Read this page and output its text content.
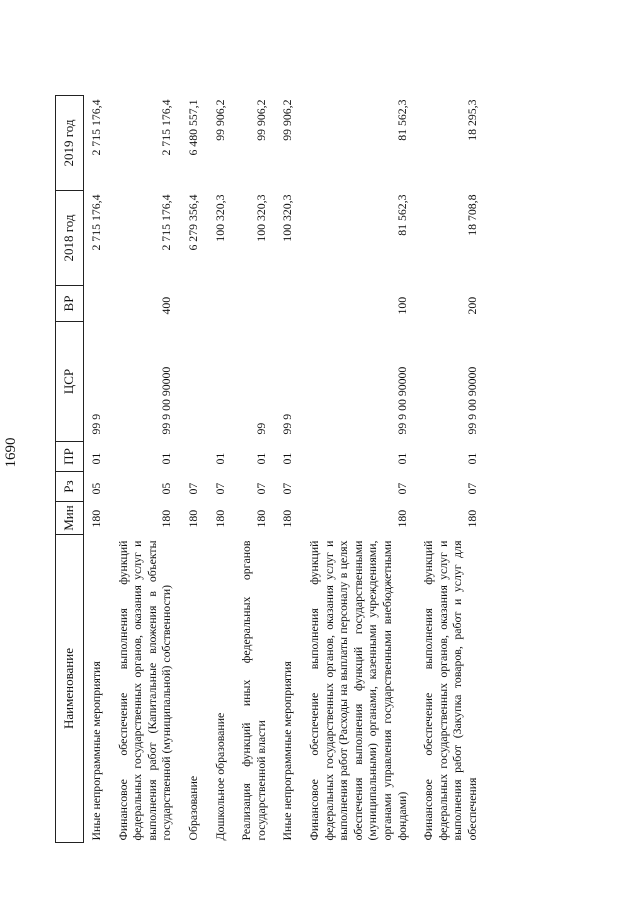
1690
Наименование	Мин	Рз	ПР	ЦСР	ВР	2018 год	2019 год
Иные непрограммные мероприятия	180	05	01	99 9		2 715 176,4	2 715 176,4
Финансовое обеспечение выполнения функций федеральных государственных органов, оказания услуг и выполнения работ (Капитальные вложения в объекты государственной (муниципальной) собственности)	180	05	01	99 9 00 90000	400	2 715 176,4	2 715 176,4
Образование	180	07				6 279 356,4	6 480 557,1
Дошкольное образование	180	07	01			100 320,3	99 906,2
Реализация функций иных федеральных органов государственной власти	180	07	01	99		100 320,3	99 906,2
Иные непрограммные мероприятия	180	07	01	99 9		100 320,3	99 906,2
Финансовое обеспечение выполнения функций федеральных государственных органов, оказания услуг и выполнения работ (Расходы на выплаты персоналу в целях обеспечения выполнения функций государственными (муниципальными) органами, казенными учреждениями, органами управления государственными внебюджетными фондами)	180	07	01	99 9 00 90000	100	81 562,3	81 562,3
Финансовое обеспечение выполнения функций федеральных государственных органов, оказания услуг и выполнения работ (Закупка товаров, работ и услуг для обеспечения	180	07	01	99 9 00 90000	200	18 708,8	18 295,3
